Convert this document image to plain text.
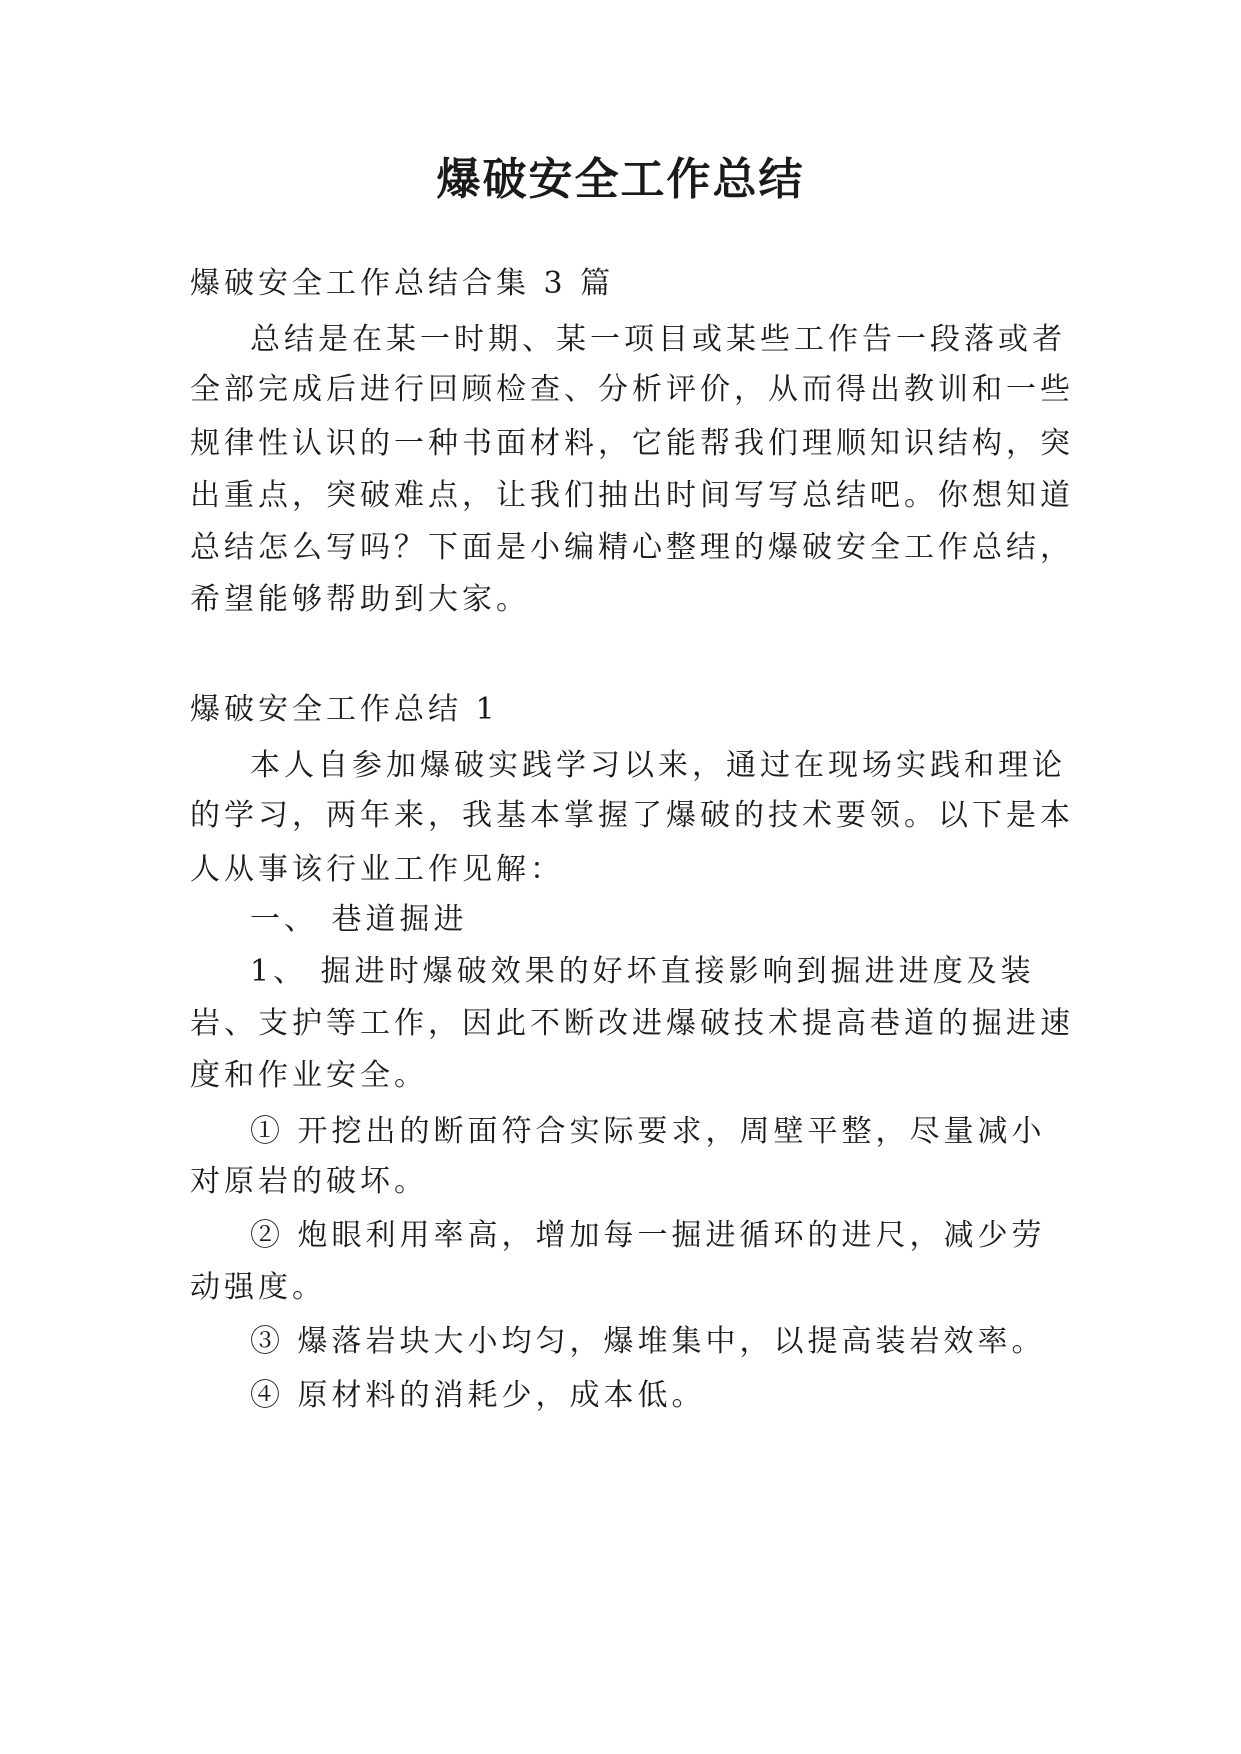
爆破安全工作总结
爆破安全工作总结合集 3 篇
总结是在某一时期、某一项目或某些工作告一段落或者
全部完成后进行回顾检查、分析评价，从而得出教训和一些
规律性认识的一种书面材料，它能帮我们理顺知识结构，突
出重点，突破难点，让我们抽出时间写写总结吧。你想知道
总结怎么写吗？下面是小编精心整理的爆破安全工作总结，
希望能够帮助到大家。
爆破安全工作总结 1
本人自参加爆破实践学习以来，通过在现场实践和理论
的学习，两年来，我基本掌握了爆破的技术要领。以下是本
人从事该行业工作见解：
一、 巷道掘进
1、 掘进时爆破效果的好坏直接影响到掘进进度及装
岩、支护等工作，因此不断改进爆破技术提高巷道的掘进速
度和作业安全。
① 开挖出的断面符合实际要求，周壁平整，尽量减小
对原岩的破坏。
② 炮眼利用率高，增加每一掘进循环的进尺，减少劳
动强度。
③ 爆落岩块大小均匀，爆堆集中，以提高装岩效率。
④ 原材料的消耗少，成本低。
